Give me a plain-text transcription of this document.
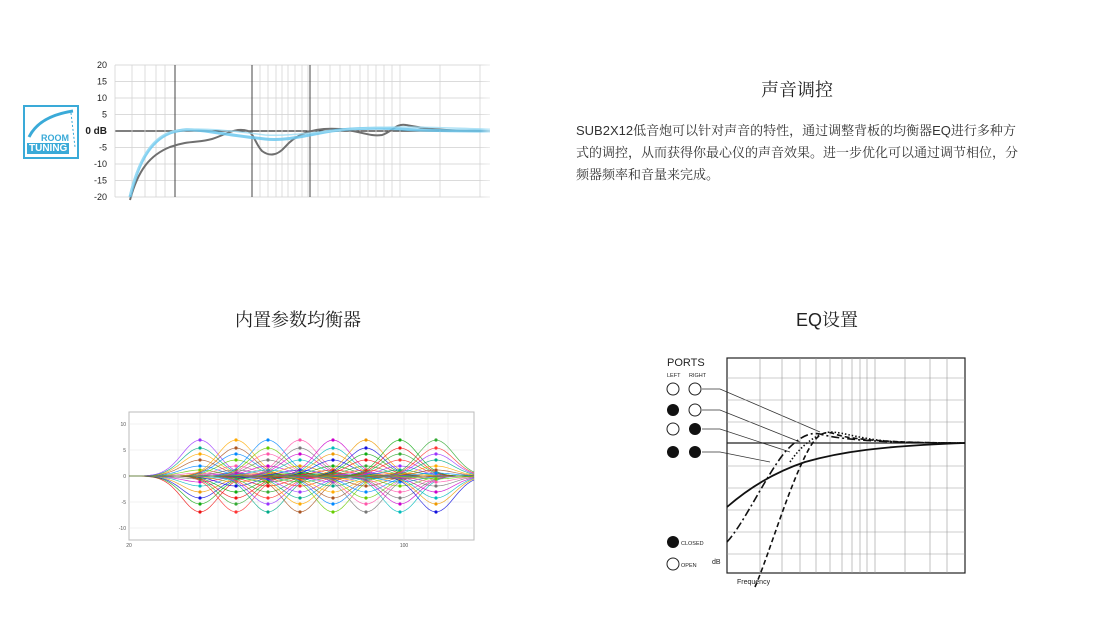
20
15
10
5
0 dB
-5
-10
-15
-20
ROOM
TUNING
声音调控
SUB2X12低音炮可以针对声音的特性，通过调整背板的均衡器EQ进行多种方式的调控，从而获得你最心仪的声音效果。进一步优化可以通过调节相位，分频器频率和音量来完成。
内置参数均衡器
10
5
0
-5
-10
20	100
EQ设置
PORTS
LEFT RIGHT
CLOSED
OPEN dB
Frequency
